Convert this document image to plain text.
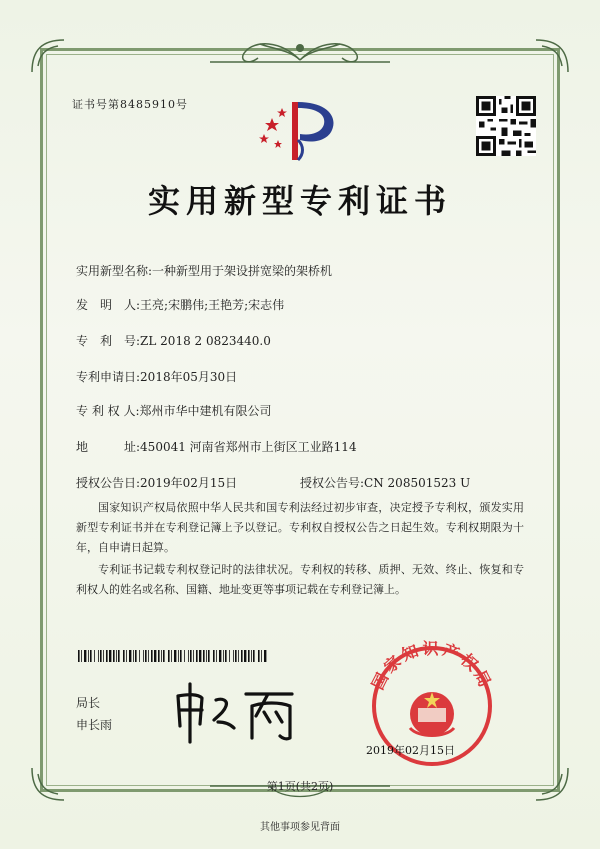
证书号第8485910号
实用新型专利证书
实用新型名称:一种新型用于架设拼宽梁的架桥机
发　明　人:王亮;宋鹏伟;王艳芳;宋志伟
专　利　号:ZL 2018 2 0823440.0
专利申请日:2018年05月30日
专 利 权 人:郑州市华中建机有限公司
地　　　址:450041 河南省郑州市上街区工业路114
授权公告日:2019年02月15日	授权公告号:CN 208501523 U
国家知识产权局依照中华人民共和国专利法经过初步审查，决定授予专利权，颁发实用新型专利证书并在专利登记簿上予以登记。专利权自授权公告之日起生效。专利权期限为十年，自申请日起算。
专利证书记载专利权登记时的法律状况。专利权的转移、质押、无效、终止、恢复和专利权人的姓名或名称、国籍、地址变更等事项记载在专利登记簿上。
局长
申长雨
国家知识产权局
2019年02月15日
第1页(共2页)
其他事项参见背面
